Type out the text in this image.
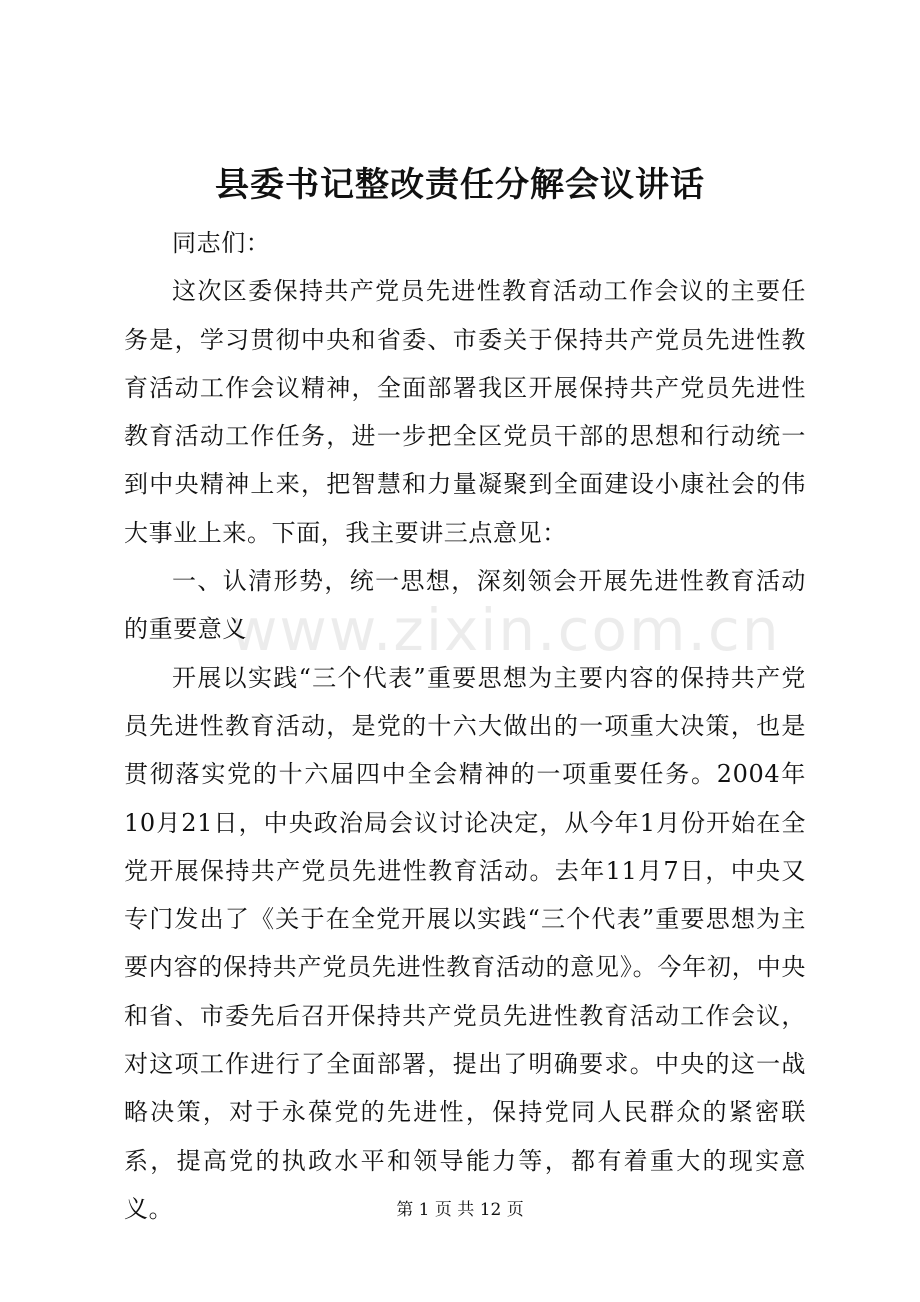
县委书记整改责任分解会议讲话

同志们：

这次区委保持共产党员先进性教育活动工作会议的主要任务是，学习贯彻中央和省委、市委关于保持共产党员先进性教育活动工作会议精神，全面部署我区开展保持共产党员先进性教育活动工作任务，进一步把全区党员干部的思想和行动统一到中央精神上来，把智慧和力量凝聚到全面建设小康社会的伟大事业上来。下面，我主要讲三点意见：

一、认清形势，统一思想，深刻领会开展先进性教育活动的重要意义

开展以实践“三个代表”重要思想为主要内容的保持共产党员先进性教育活动，是党的十六大做出的一项重大决策，也是贯彻落实党的十六届四中全会精神的一项重要任务。2004年10月21日，中央政治局会议讨论决定，从今年1月份开始在全党开展保持共产党员先进性教育活动。去年11月7日，中央又专门发出了《关于在全党开展以实践“三个代表”重要思想为主要内容的保持共产党员先进性教育活动的意见》。今年初，中央和省、市委先后召开保持共产党员先进性教育活动工作会议，对这项工作进行了全面部署，提出了明确要求。中央的这一战略决策，对于永葆党的先进性，保持党同人民群众的紧密联系，提高党的执政水平和领导能力等，都有着重大的现实意义。

www.zixin.com.cn
第 1 页 共 12 页
